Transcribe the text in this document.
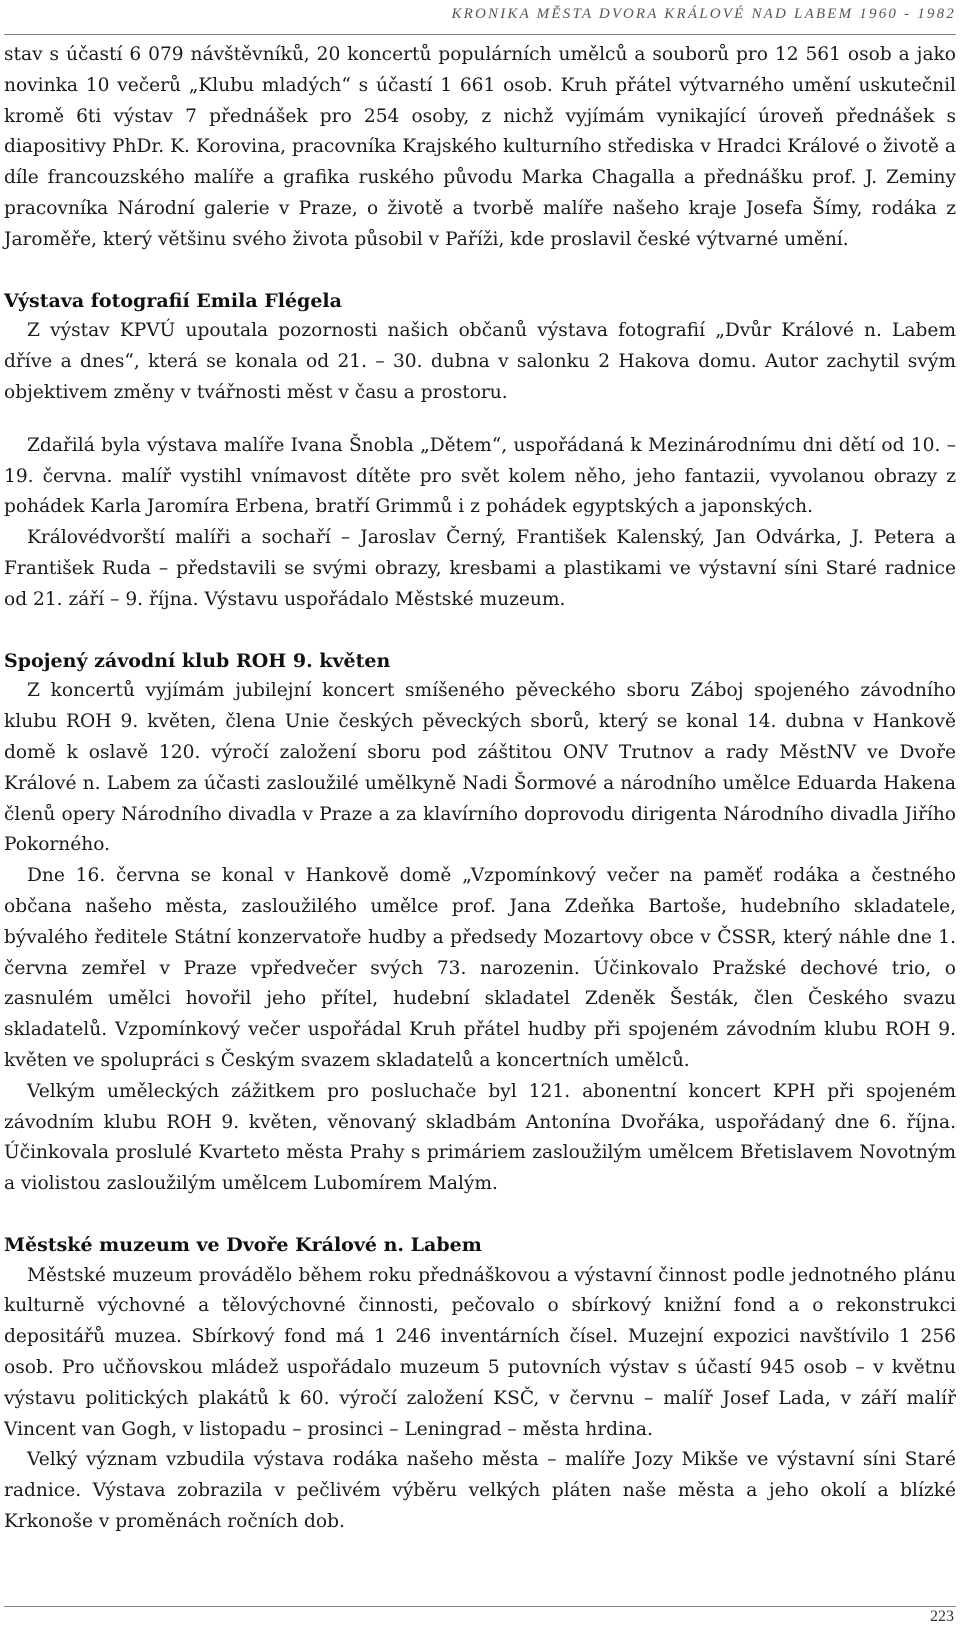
KRONIKA MĚSTA DVORA KRÁLOVÉ NAD LABEM 1960 - 1982

stav s účastí 6 079 návštěvníků, 20 koncertů populárních umělců a souborů pro 12 561 osob a jako novinka 10 večerů „Klubu mladých“ s účastí 1 661 osob. Kruh přátel výtvarného umění uskutečnil kromě 6ti výstav 7 přednášek pro 254 osoby, z nichž vyjímám vynikající úroveň přednášek s diapositivy PhDr. K. Korovina, pracovníka Krajského kulturního střediska v Hradci Králové o životě a díle francouzského malíře a grafika ruského původu Marka Chagalla a přednášku prof. J. Zeminy pracovníka Národní galerie v Praze, o životě a tvorbě malíře našeho kraje Josefa Šímy, rodáka z Jaroměře, který většinu svého života působil v Paříži, kde proslavil české výtvarné umění.

Výstava fotografií Emila Flégela

Z výstav KPVÚ upoutala pozornosti našich občanů výstava fotografií „Dvůr Králové n. Labem dříve a dnes“, která se konala od 21. – 30. dubna v salonku 2 Hakova domu. Autor zachytil svým objektivem změny v tvářnosti měst v času a prostoru.

Zdařilá byla výstava malíře Ivana Šnobla „Dětem“, uspořádaná k Mezinárodnímu dni dětí od 10. – 19. června. malíř vystihl vnímavost dítěte pro svět kolem něho, jeho fantazii, vyvolanou obrazy z pohádek Karla Jaromíra Erbena, bratří Grimmů i z pohádek egyptských a japonských.

Královédvorští malíři a sochaří – Jaroslav Černý, František Kalenský, Jan Odvárka, J. Petera a František Ruda – představili se svými obrazy, kresbami a plastikami ve výstavní síni Staré radnice od 21. září – 9. října. Výstavu uspořádalo Městské muzeum.

Spojený závodní klub ROH 9. květen

Z koncertů vyjímám jubilejní koncert smíšeného pěveckého sboru Záboj spojeného závodního klubu ROH 9. květen, člena Unie českých pěveckých sborů, který se konal 14. dubna v Hankově domě k oslavě 120. výročí založení sboru pod záštitou ONV Trutnov a rady MěstNV ve Dvoře Králové n. Labem za účasti zasloužilé umělkyně Nadi Šormové a národního umělce Eduarda Hakena členů opery Národního divadla v Praze a za klavírního doprovodu dirigenta Národního divadla Jiřího Pokorného.

Dne 16. června se konal v Hankově domě „Vzpomínkový večer na paměť rodáka a čestného občana našeho města, zasloužilého umělce prof. Jana Zdeňka Bartoše, hudebního skladatele, bývalého ředitele Státní konzervatoře hudby a předsedy Mozartovy obce v ČSSR, který náhle dne 1. června zemřel v Praze vpředvečer svých 73. narozenin. Účinkovalo Pražské dechové trio, o zasnulém umělci hovořil jeho přítel, hudební skladatel Zdeněk Šesták, člen Českého svazu skladatelů. Vzpomínkový večer uspořádal Kruh přátel hudby při spojeném závodním klubu ROH 9. květen ve spolupráci s Českým svazem skladatelů a koncertních umělců.

Velkým uměleckých zážitkem pro posluchače byl 121. abonentní koncert KPH při spojeném závodním klubu ROH 9. květen, věnovaný skladbám Antonína Dvořáka, uspořádaný dne 6. října. Účinkovala proslulé Kvarteto města Prahy s primáriem zasloužilým umělcem Břetislavem Novotným a violistou zasloužilým umělcem Lubomírem Malým.

Městské muzeum ve Dvoře Králové n. Labem

Městské muzeum provádělo během roku přednáškovou a výstavní činnost podle jednotného plánu kulturně výchovné a tělovýchovné činnosti, pečovalo o sbírkový knižní fond a o rekonstrukci depositářů muzea. Sbírkový fond má 1 246 inventárních čísel. Muzejní expozici navštívilo 1 256 osob. Pro učňovskou mládež uspořádalo muzeum 5 putovních výstav s účastí 945 osob – v květnu výstavu politických plakátů k 60. výročí založení KSČ, v červnu – malíř Josef Lada, v září malíř Vincent van Gogh, v listopadu – prosinci – Leningrad – města hrdina.

Velký význam vzbudila výstava rodáka našeho města – malíře Jozy Mikše ve výstavní síni Staré radnice. Výstava zobrazila v pečlivém výběru velkých pláten naše města a jeho okolí a blízké Krkonoše v proměnách ročních dob.

223
